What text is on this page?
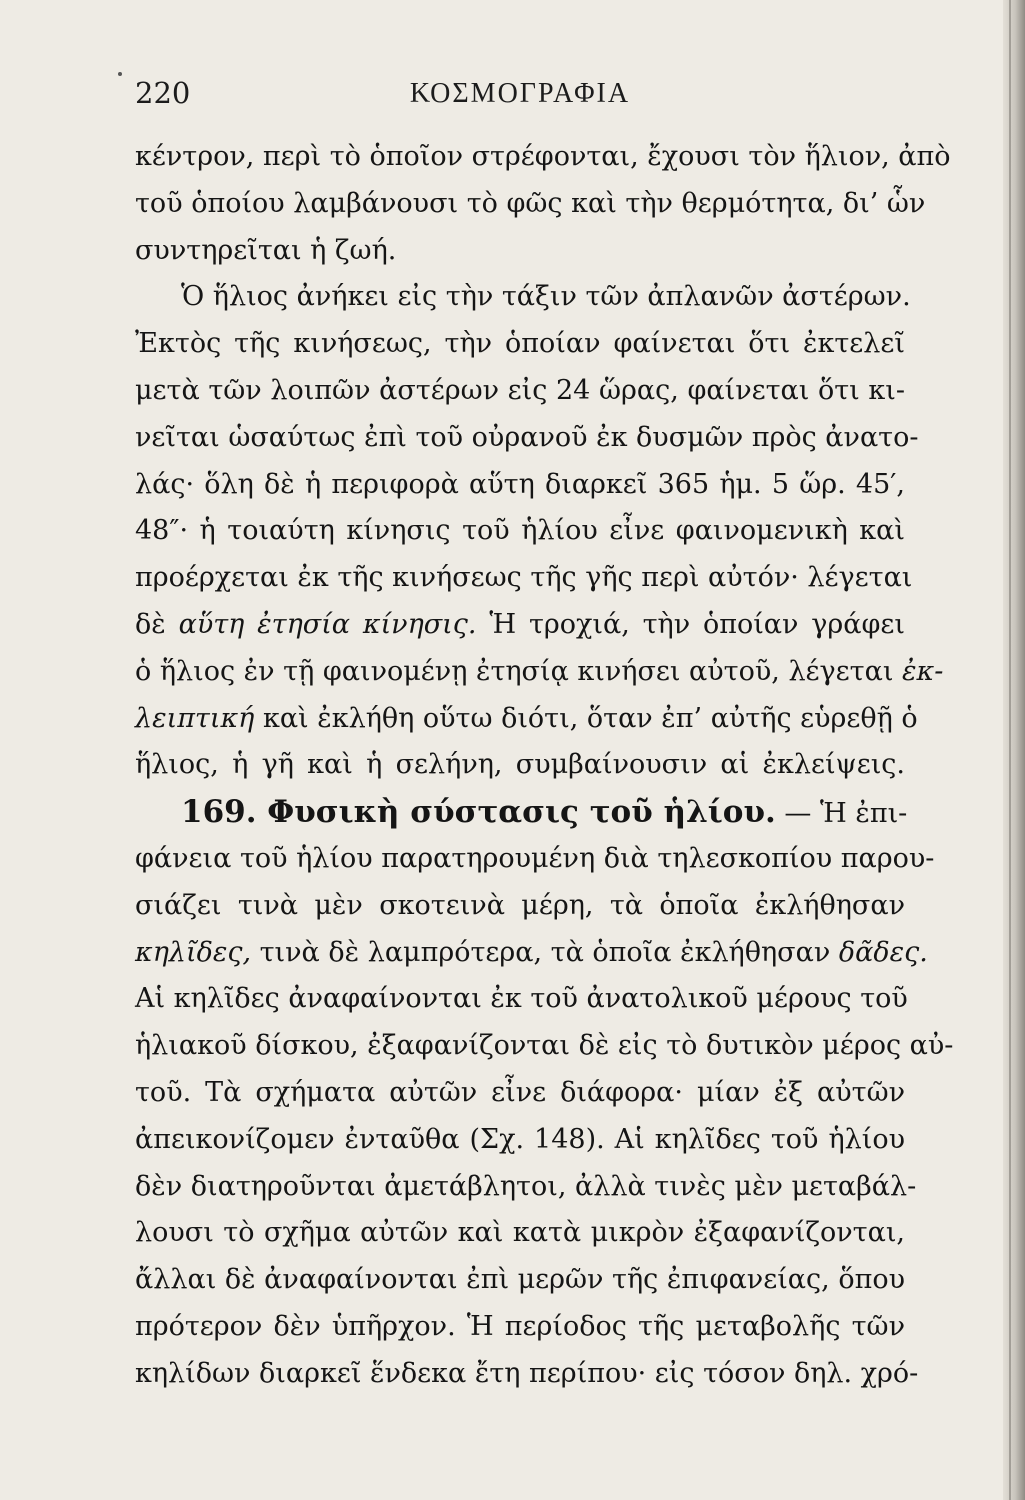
220	ΚΟΣΜΟΓΡΑΦΙΑ
κέντρον, περὶ τὸ ὁποῖον στρέφονται, ἔχουσι τὸν ἥλιον, ἀπὸ
τοῦ ὁποίου λαμβάνουσι τὸ φῶς καὶ τὴν θερμότητα, δι’ ὧν
συντηρεῖται ἡ ζωή.
Ὁ ἥλιος ἀνήκει εἰς τὴν τάξιν τῶν ἀπλανῶν ἀστέρων.
Ἐκτὸς τῆς κινήσεως, τὴν ὁποίαν φαίνεται ὅτι ἐκτελεῖ
μετὰ τῶν λοιπῶν ἀστέρων εἰς 24 ὥρας, φαίνεται ὅτι κι-
νεῖται ὡσαύτως ἐπὶ τοῦ οὐρανοῦ ἐκ δυσμῶν πρὸς ἀνατο-
λάς· ὅλη δὲ ἡ περιφορὰ αὕτη διαρκεῖ 365 ἡμ. 5 ὥρ. 45′,
48″· ἡ τοιαύτη κίνησις τοῦ ἡλίου εἶνε φαινομενικὴ καὶ
προέρχεται ἐκ τῆς κινήσεως τῆς γῆς περὶ αὐτόν· λέγεται
δὲ αὕτη ἐτησία κίνησις. Ἡ τροχιά, τὴν ὁποίαν γράφει
ὁ ἥλιος ἐν τῇ φαινομένῃ ἐτησίᾳ κινήσει αὐτοῦ, λέγεται ἐκ-
λειπτική καὶ ἐκλήθη οὕτω διότι, ὅταν ἐπ’ αὐτῆς εὑρεθῇ ὁ
ἥλιος, ἡ γῆ καὶ ἡ σελήνη, συμβαίνουσιν αἱ ἐκλείψεις.
169. Φυσικὴ σύστασις τοῦ ἡλίου. — Ἡ ἐπι-
φάνεια τοῦ ἡλίου παρατηρουμένη διὰ τηλεσκοπίου παρου-
σιάζει τινὰ μὲν σκοτεινὰ μέρη, τὰ ὁποῖα ἐκλήθησαν
κηλῖδες, τινὰ δὲ λαμπρότερα, τὰ ὁποῖα ἐκλήθησαν δᾶδες.
Αἱ κηλῖδες ἀναφαίνονται ἐκ τοῦ ἀνατολικοῦ μέρους τοῦ
ἡλιακοῦ δίσκου, ἐξαφανίζονται δὲ εἰς τὸ δυτικὸν μέρος αὐ-
τοῦ. Τὰ σχήματα αὐτῶν εἶνε διάφορα· μίαν ἐξ αὐτῶν
ἀπεικονίζομεν ἐνταῦθα (Σχ. 148). Αἱ κηλῖδες τοῦ ἡλίου
δὲν διατηροῦνται ἀμετάβλητοι, ἀλλὰ τινὲς μὲν μεταβάλ-
λουσι τὸ σχῆμα αὐτῶν καὶ κατὰ μικρὸν ἐξαφανίζονται,
ἄλλαι δὲ ἀναφαίνονται ἐπὶ μερῶν τῆς ἐπιφανείας, ὅπου
πρότερον δὲν ὑπῆρχον. Ἡ περίοδος τῆς μεταβολῆς τῶν
κηλίδων διαρκεῖ ἕνδεκα ἔτη περίπου· εἰς τόσον δηλ. χρό-
